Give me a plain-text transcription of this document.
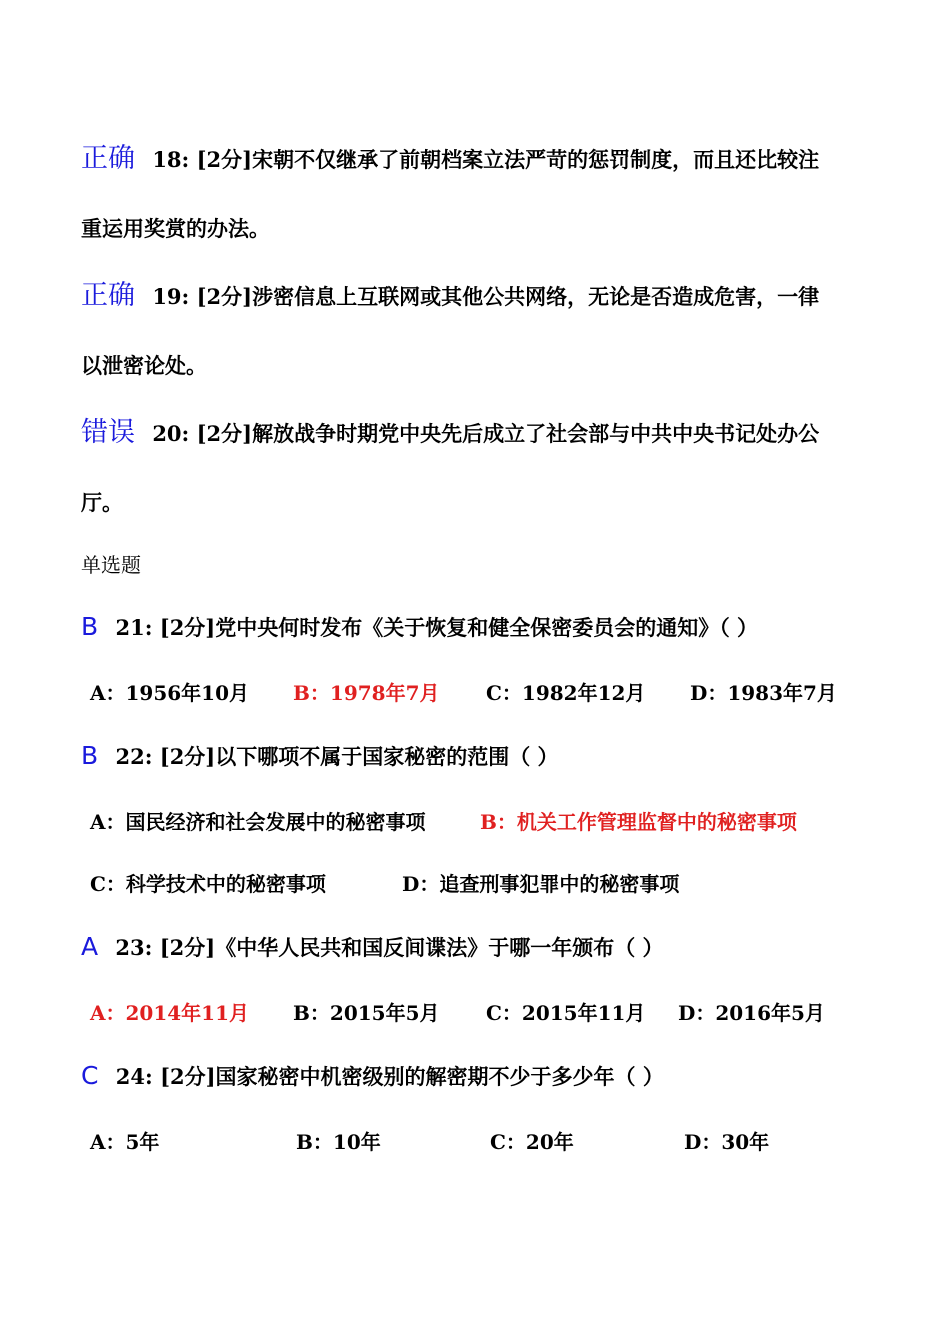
正确 18: [2分]宋朝不仅继承了前朝档案立法严苛的惩罚制度，而且还比较注
重运用奖赏的办法。
正确 19: [2分]涉密信息上互联网或其他公共网络，无论是否造成危害，一律
以泄密论处。
错误 20: [2分]解放战争时期党中央先后成立了社会部与中共中央书记处办公
厅。
单选题
B 21: [2分]党中央何时发布《关于恢复和健全保密委员会的通知》（ ）
A：1956年10月 B：1978年7月 C：1982年12月 D：1983年7月
B 22: [2分]以下哪项不属于国家秘密的范围（ ）
A：国民经济和社会发展中的秘密事项	B：机关工作管理监督中的秘密事项
C：科学技术中的秘密事项	D：追查刑事犯罪中的秘密事项
A 23: [2分]《中华人民共和国反间谍法》于哪一年颁布（ ）
A：2014年11月 B：2015年5月 C：2015年11月 D：2016年5月
C 24: [2分]国家秘密中机密级别的解密期不少于多少年（ ）
A：5年	B：10年	C：20年	D：30年
